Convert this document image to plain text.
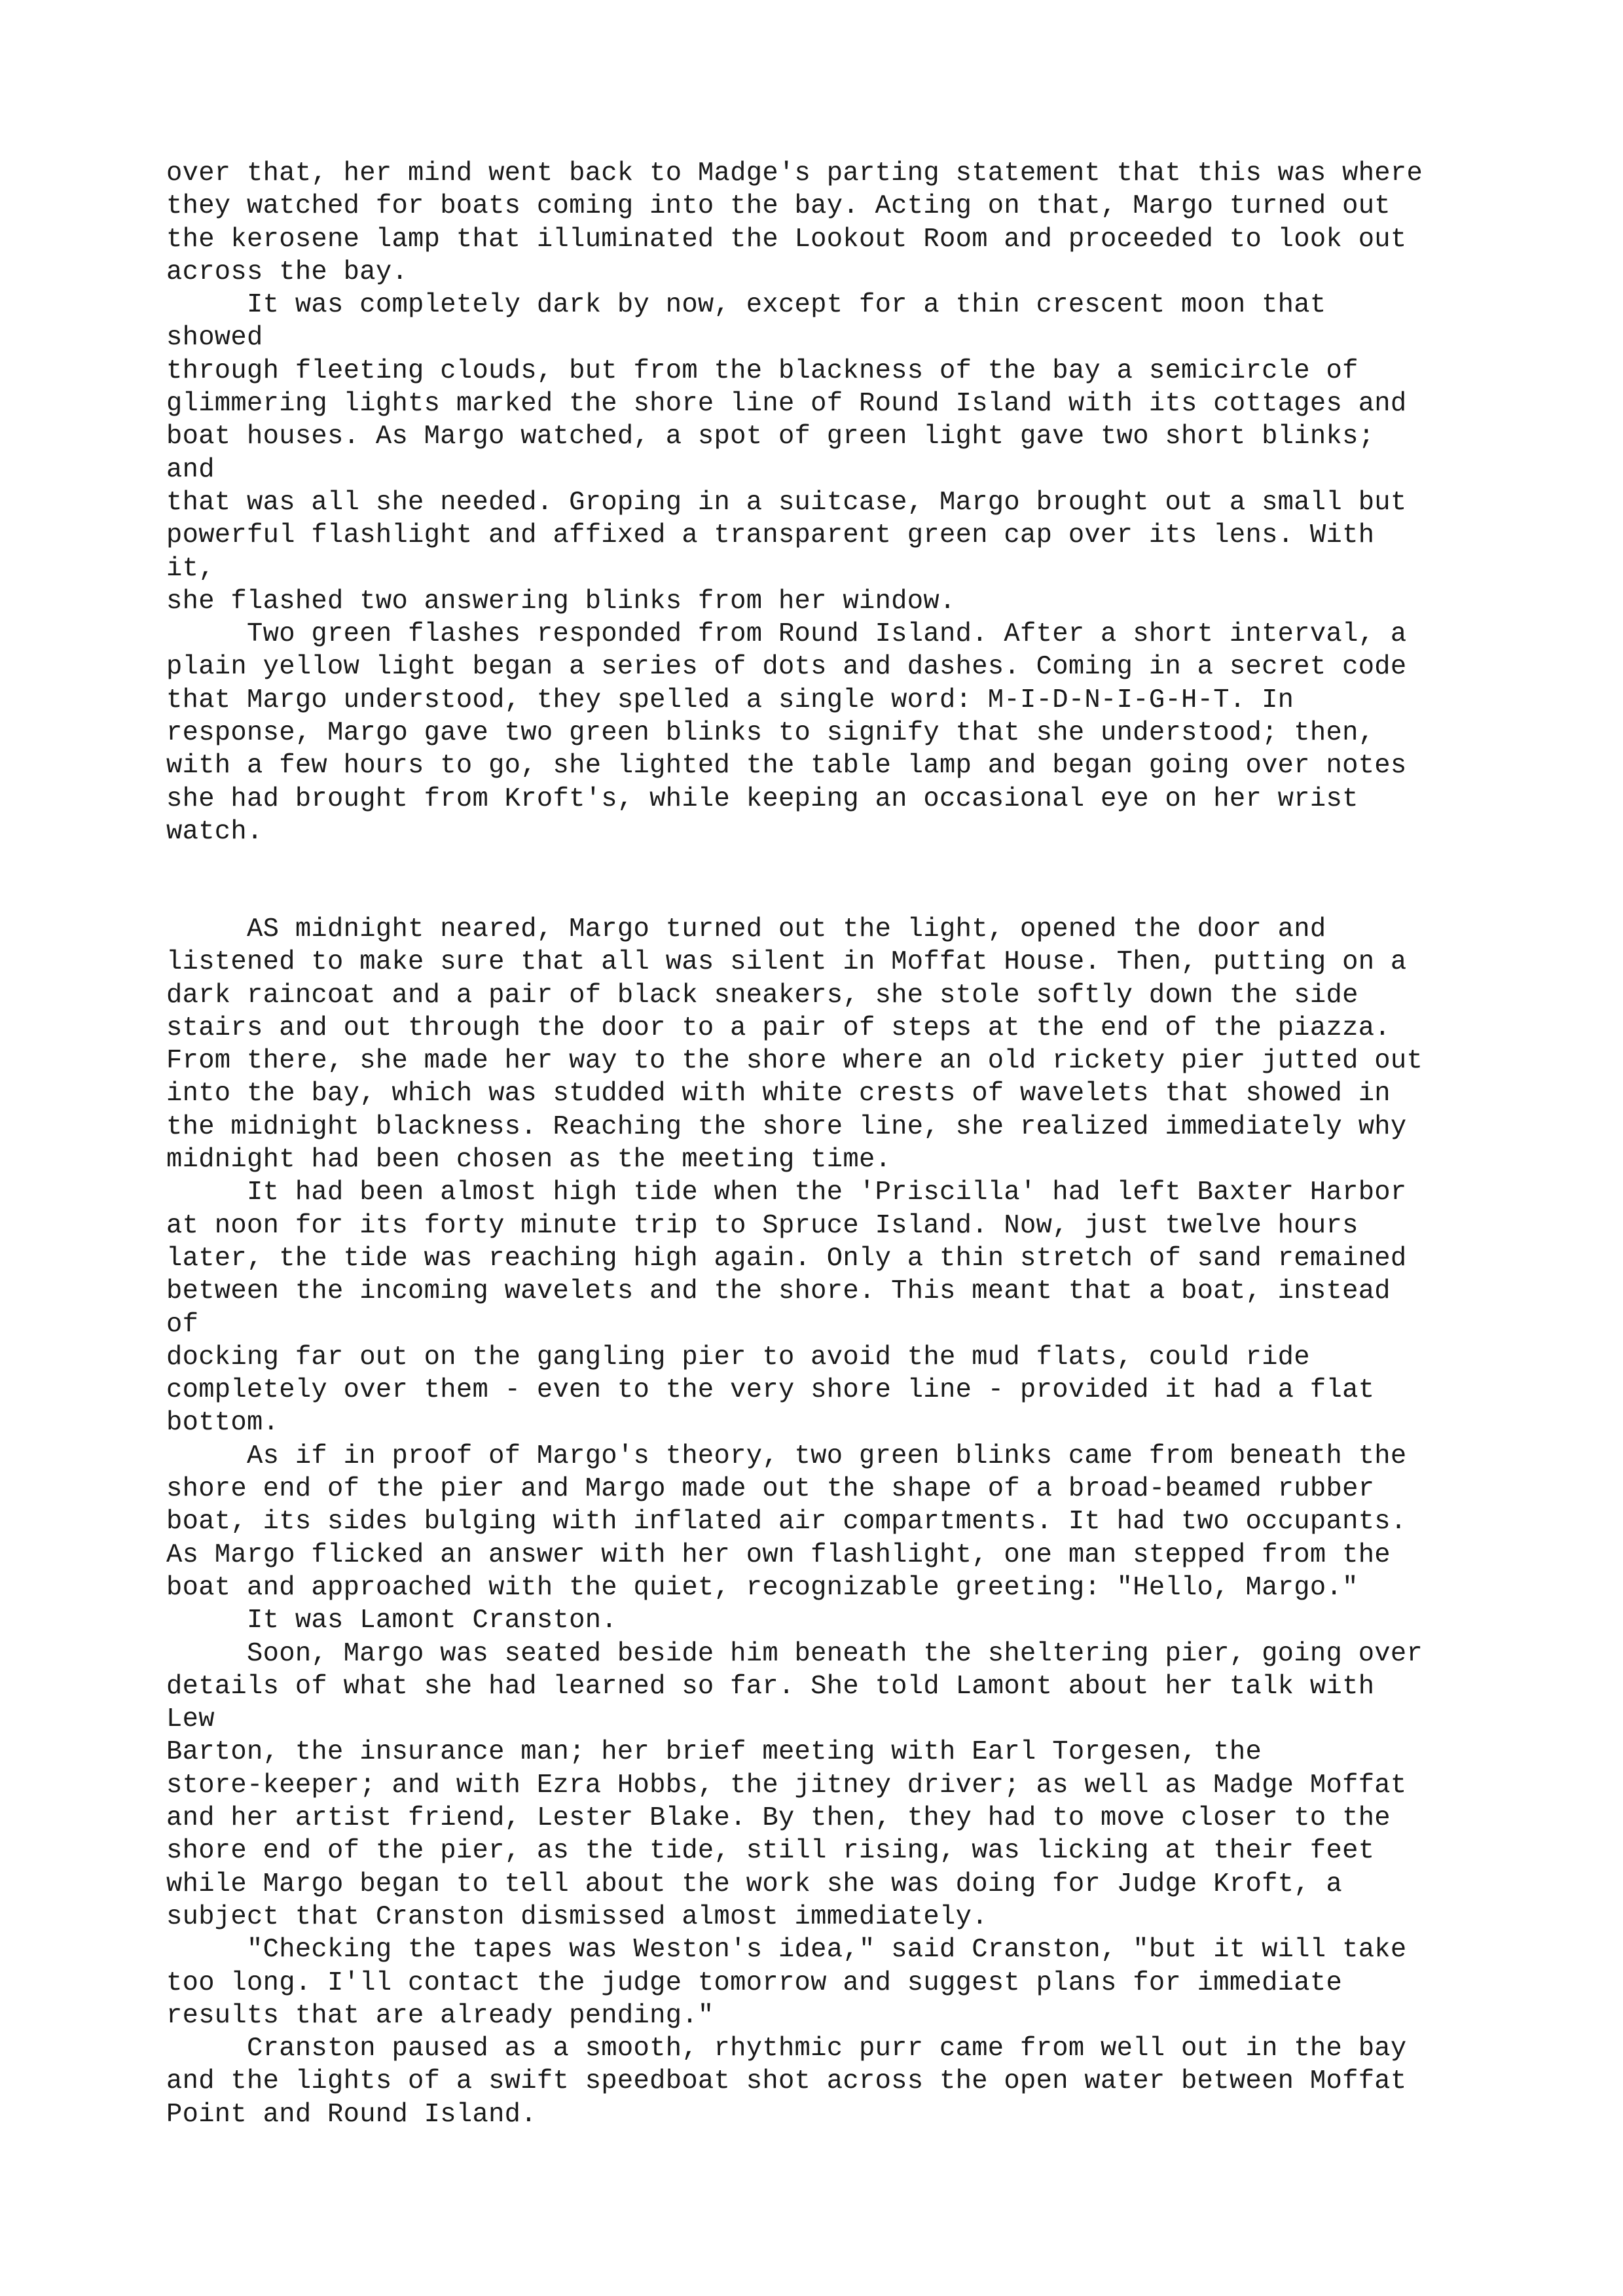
over that, her mind went back to Madge's parting statement that this was where
they watched for boats coming into the bay. Acting on that, Margo turned out
the kerosene lamp that illuminated the Lookout Room and proceeded to look out
across the bay.
It was completely dark by now, except for a thin crescent moon that
showed
through fleeting clouds, but from the blackness of the bay a semicircle of
glimmering lights marked the shore line of Round Island with its cottages and
boat houses. As Margo watched, a spot of green light gave two short blinks;
and
that was all she needed. Groping in a suitcase, Margo brought out a small but
powerful flashlight and affixed a transparent green cap over its lens. With
it,
she flashed two answering blinks from her window.
Two green flashes responded from Round Island. After a short interval, a
plain yellow light began a series of dots and dashes. Coming in a secret code
that Margo understood, they spelled a single word: M-I-D-N-I-G-H-T. In
response, Margo gave two green blinks to signify that she understood; then,
with a few hours to go, she lighted the table lamp and began going over notes
she had brought from Kroft's, while keeping an occasional eye on her wrist
watch.
AS midnight neared, Margo turned out the light, opened the door and
listened to make sure that all was silent in Moffat House. Then, putting on a
dark raincoat and a pair of black sneakers, she stole softly down the side
stairs and out through the door to a pair of steps at the end of the piazza.
From there, she made her way to the shore where an old rickety pier jutted out
into the bay, which was studded with white crests of wavelets that showed in
the midnight blackness. Reaching the shore line, she realized immediately why
midnight had been chosen as the meeting time.
It had been almost high tide when the 'Priscilla' had left Baxter Harbor
at noon for its forty minute trip to Spruce Island. Now, just twelve hours
later, the tide was reaching high again. Only a thin stretch of sand remained
between the incoming wavelets and the shore. This meant that a boat, instead
of
docking far out on the gangling pier to avoid the mud flats, could ride
completely over them - even to the very shore line - provided it had a flat
bottom.
As if in proof of Margo's theory, two green blinks came from beneath the
shore end of the pier and Margo made out the shape of a broad-beamed rubber
boat, its sides bulging with inflated air compartments. It had two occupants.
As Margo flicked an answer with her own flashlight, one man stepped from the
boat and approached with the quiet, recognizable greeting: "Hello, Margo."
It was Lamont Cranston.
Soon, Margo was seated beside him beneath the sheltering pier, going over
details of what she had learned so far. She told Lamont about her talk with
Lew
Barton, the insurance man; her brief meeting with Earl Torgesen, the
store-keeper; and with Ezra Hobbs, the jitney driver; as well as Madge Moffat
and her artist friend, Lester Blake. By then, they had to move closer to the
shore end of the pier, as the tide, still rising, was licking at their feet
while Margo began to tell about the work she was doing for Judge Kroft, a
subject that Cranston dismissed almost immediately.
"Checking the tapes was Weston's idea," said Cranston, "but it will take
too long. I'll contact the judge tomorrow and suggest plans for immediate
results that are already pending."
Cranston paused as a smooth, rhythmic purr came from well out in the bay
and the lights of a swift speedboat shot across the open water between Moffat
Point and Round Island.
